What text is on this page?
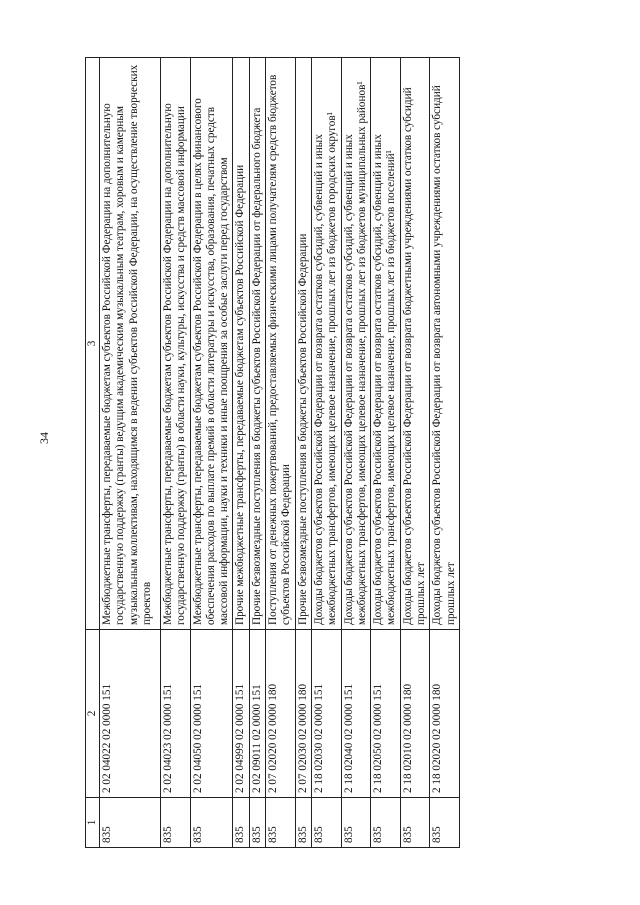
34
1	2	3
835	2 02 04022 02 0000 151	Межбюджетные трансферты, передаваемые бюджетам субъектов Российской Федерации на дополнительную государственную поддержку (гранты) ведущим академическим музыкальным театрам, хоровым и камерным музыкальным коллективам, находящимся в ведении субъектов Российской Федерации, на осуществление творческих проектов
835	2 02 04023 02 0000 151	Межбюджетные трансферты, передаваемые бюджетам субъектов Российской Федерации на дополнительную государственную поддержку (гранты) в области науки, культуры, искусства и средств массовой информации
835	2 02 04050 02 0000 151	Межбюджетные трансферты, передаваемые бюджетам субъектов Российской Федерации в целях финансового обеспечения расходов по выплате премий в области литературы и искусства, образования, печатных средств массовой информации, науки и техники и иные поощрения за особые заслуги перед государством
835	2 02 04999 02 0000 151	Прочие межбюджетные трансферты, передаваемые бюджетам субъектов Российской Федерации
835	2 02 09011 02 0000 151	Прочие безвозмездные поступления в бюджеты субъектов Российской Федерации от федерального бюджета
835	2 07 02020 02 0000 180	Поступления от денежных пожертвований, предоставляемых физическими лицами получателям средств бюджетов субъектов Российской Федерации
835	2 07 02030 02 0000 180	Прочие безвозмездные поступления в бюджеты субъектов Российской Федерации
835	2 18 02030 02 0000 151	Доходы бюджетов субъектов Российской Федерации от возврата остатков субсидий, субвенций и иных межбюджетных трансфертов, имеющих целевое назначение, прошлых лет из бюджетов городских округов¹
835	2 18 02040 02 0000 151	Доходы бюджетов субъектов Российской Федерации от возврата остатков субсидий, субвенций и иных межбюджетных трансфертов, имеющих целевое назначение, прошлых лет из бюджетов муниципальных районов¹
835	2 18 02050 02 0000 151	Доходы бюджетов субъектов Российской Федерации от возврата остатков субсидий, субвенций и иных межбюджетных трансфертов, имеющих целевое назначение, прошлых лет из бюджетов поселений¹
835	2 18 02010 02 0000 180	Доходы бюджетов субъектов Российской Федерации от возврата бюджетными учреждениями остатков субсидий прошлых лет
835	2 18 02020 02 0000 180	Доходы бюджетов субъектов Российской Федерации от возврата автономными учреждениями остатков субсидий прошлых лет
